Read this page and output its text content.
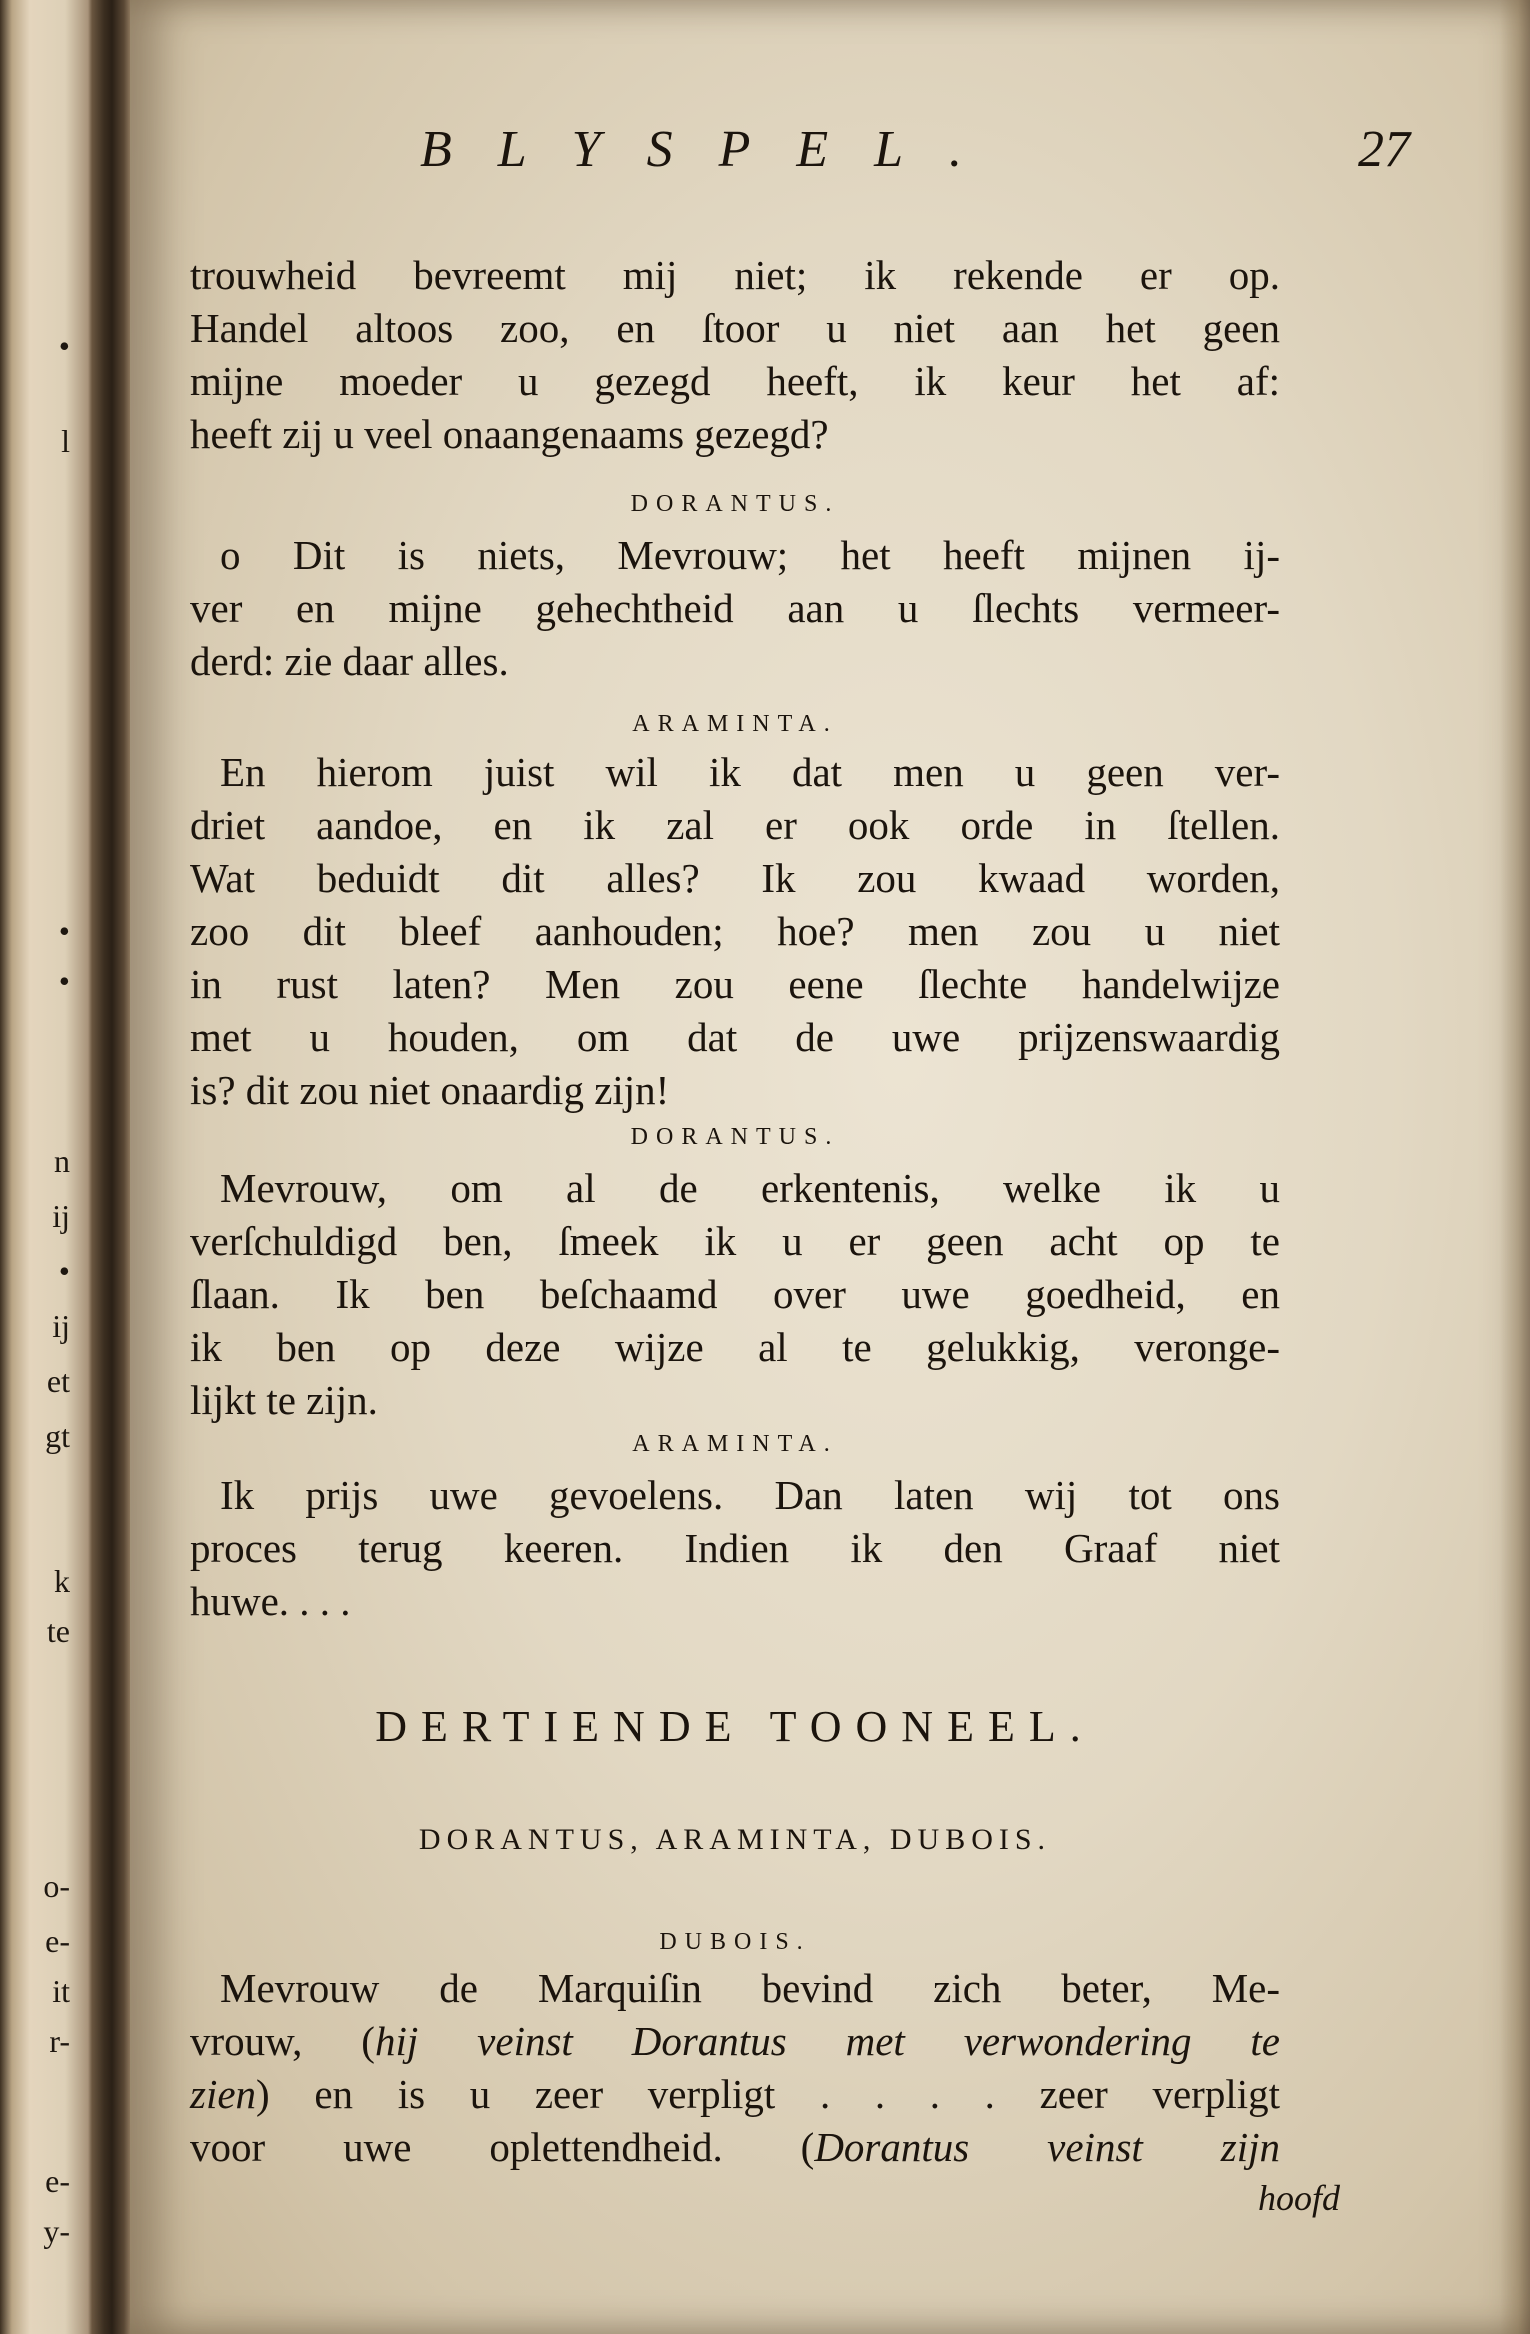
•
l
•
•
n
ij
•
ij
et
gt
k
te
o-
e-
it
r-
e-
y-
BLYSPEL.	27
trouwheid bevreemt mij niet; ik rekende er op.
Handel altoos zoo, en ſtoor u niet aan het geen
mijne moeder u gezegd heeft, ik keur het af:
heeft zij u veel onaangenaams gezegd?
DORANTUS.
o Dit is niets, Mevrouw; het heeft mijnen ij-
ver en mijne gehechtheid aan u ſlechts vermeer-
derd: zie daar alles.
ARAMINTA.
En hierom juist wil ik dat men u geen ver-
driet aandoe, en ik zal er ook orde in ſtellen.
Wat beduidt dit alles? Ik zou kwaad worden,
zoo dit bleef aanhouden; hoe? men zou u niet
in rust laten? Men zou eene ſlechte handelwijze
met u houden, om dat de uwe prijzenswaardig
is? dit zou niet onaardig zijn!
DORANTUS.
Mevrouw, om al de erkentenis, welke ik u
verſchuldigd ben, ſmeek ik u er geen acht op te
ſlaan. Ik ben beſchaamd over uwe goedheid, en
ik ben op deze wijze al te gelukkig, veronge-
lijkt te zijn.
ARAMINTA.
Ik prijs uwe gevoelens. Dan laten wij tot ons
proces terug keeren. Indien ik den Graaf niet
huwe. . . .
DERTIENDE TOONEEL.
DORANTUS, ARAMINTA, DUBOIS.
DUBOIS.
Mevrouw de Marquiſin bevind zich beter, Me-
vrouw, (hij veinst Dorantus met verwondering te
zien) en is u zeer verpligt . . . . zeer verpligt
voor uwe oplettendheid. (Dorantus veinst zijn
hoofd
